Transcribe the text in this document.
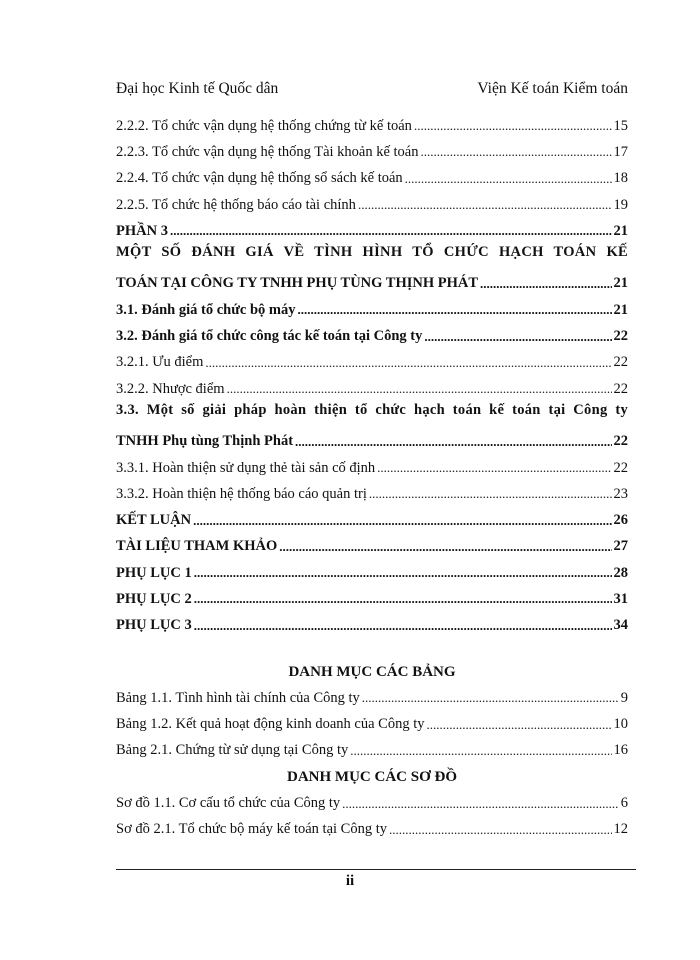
Đại học Kinh tế Quốc dân	Viện Kế toán Kiểm toán
2.2.2. Tổ chức vận dụng hệ thống chứng từ kế toán .....	15
2.2.3. Tổ chức vận dụng hệ thống Tài khoản kế toán .....	17
2.2.4. Tổ chức vận dụng hệ thống sổ sách kế toán .....	18
2.2.5. Tổ chức hệ thống báo cáo tài chính .....	19
PHẦN 3 .....	21
MỘT SỐ ĐÁNH GIÁ VỀ TÌNH HÌNH TỔ CHỨC HẠCH TOÁN KẾ
TOÁN TẠI CÔNG TY TNHH PHỤ TÙNG THỊNH PHÁT .....	21
3.1. Đánh giá tổ chức bộ máy .....	21
3.2. Đánh giá tổ chức công tác kế toán tại Công ty .....	22
3.2.1. Ưu điểm .....	22
3.2.2. Nhược điểm .....	22
3.3. Một số giải pháp hoàn thiện tổ chức hạch toán kế toán tại Công ty
TNHH Phụ tùng Thịnh Phát .....	22
3.3.1. Hoàn thiện sử dụng thẻ tài sản cố định .....	22
3.3.2. Hoàn thiện hệ thống báo cáo quản trị .....	23
KẾT LUẬN .....	26
TÀI LIỆU THAM KHẢO .....	27
PHỤ LỤC 1 .....	28
PHỤ LỤC 2 .....	31
PHỤ LỤC 3 .....	34
DANH MỤC CÁC BẢNG
Bảng 1.1. Tình hình tài chính của Công ty .....	9
Bảng 1.2. Kết quả hoạt động kinh doanh của Công ty .....	10
Bảng 2.1. Chứng từ sử dụng tại Công ty .....	16
DANH MỤC CÁC SƠ ĐỒ
Sơ đồ 1.1. Cơ cấu tổ chức của Công ty .....	6
Sơ đồ 2.1. Tổ chức bộ máy kế toán tại Công ty .....	12
ii
